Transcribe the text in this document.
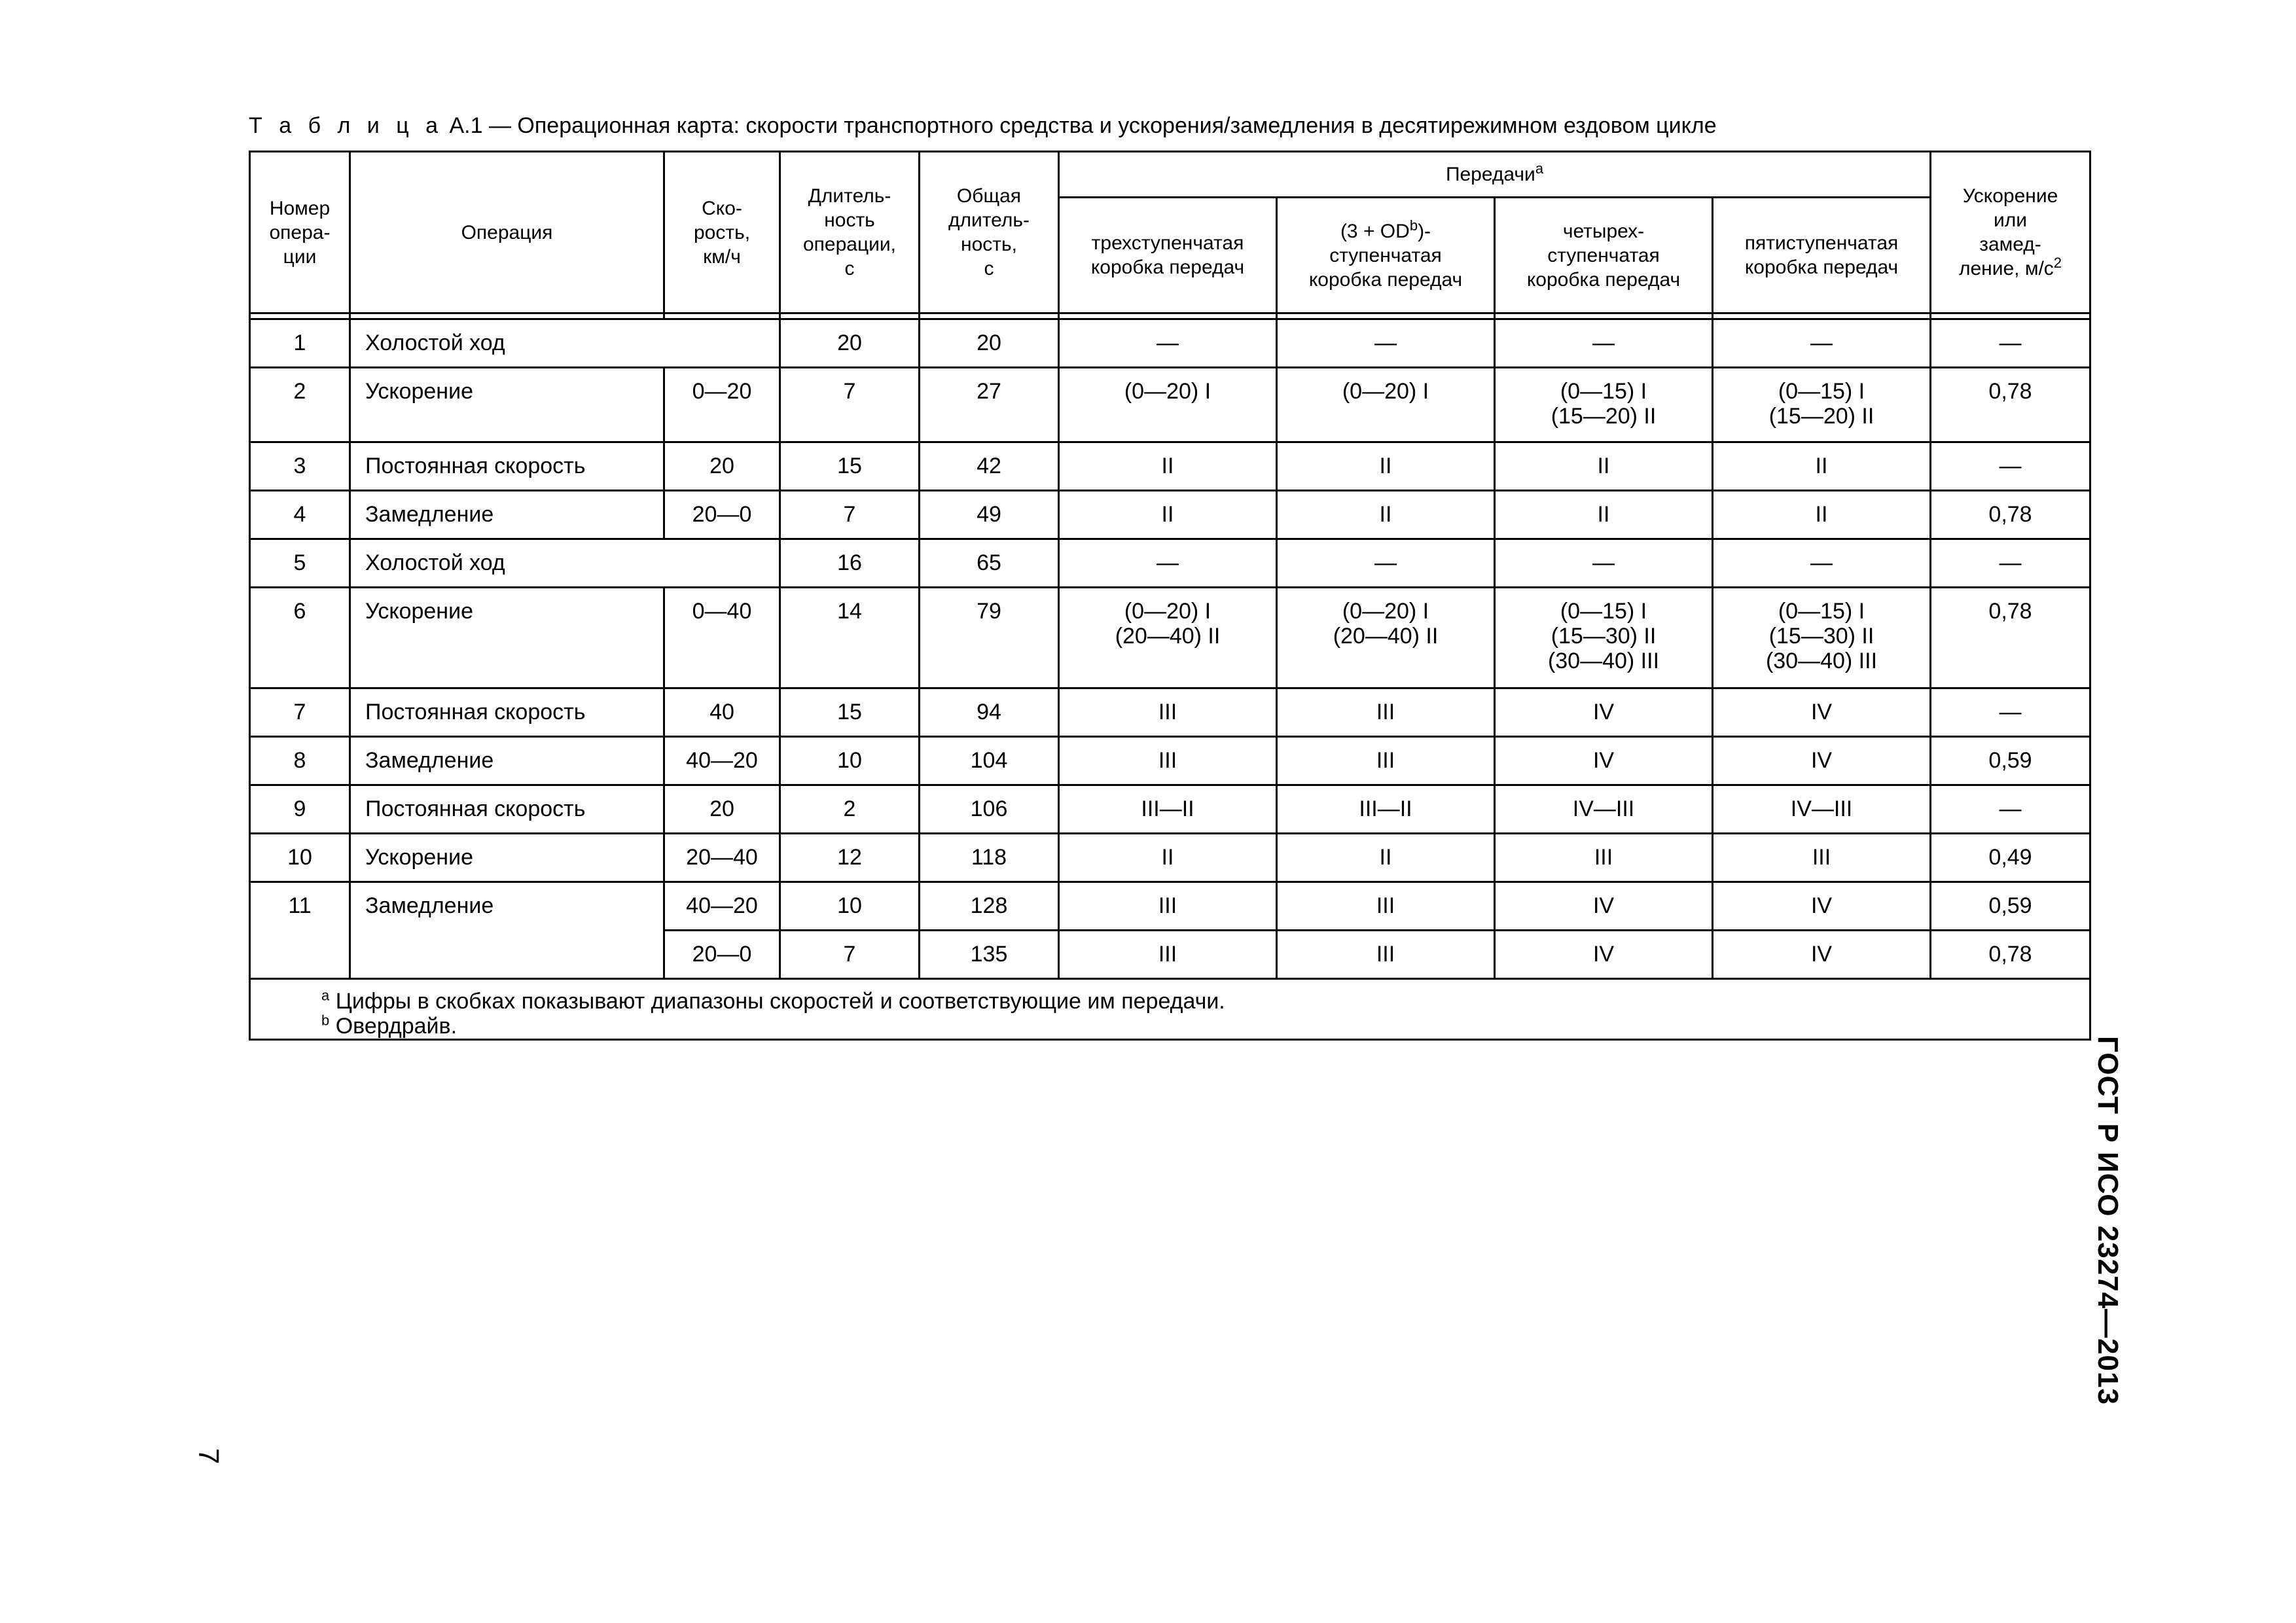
Т а б л и ц а А.1 — Операционная карта: скорости транспортного средства и ускорения/замедления в десятирежимном ездовом цикле
Номер
опера-
ции	Операция	Ско-
рость,
км/ч	Длитель-
ность
операции,
с	Общая
длитель-
ность,
с	Передачи$^a$				Ускорение
или
замед-
ление, $м/с^2$
					трехступенчатая
коробка передач	$(3 + OD^b)-$
ступенчатая
коробка передач	четырех-
ступенчатая
коробка передач	пятиступенчатая
коробка передач	

1	Холостой ход		20	20	—	—	—	—	—
2	Ускорение	0—20	7	27	(0—20) I	(0—20) I	(0—15) I
(15—20) II	(0—15) I
(15—20) II	0,78
3	Постоянная скорость	20	15	42	II	II	II	II	—
4	Замедление	20—0	7	49	II	II	II	II	0,78
5	Холостой ход		16	65	—	—	—	—	—
6	Ускорение	0—40	14	79	(0—20) I
(20—40) II	(0—20) I
(20—40) II	(0—15) I
(15—30) II
(30—40) III	(0—15) I
(15—30) II
(30—40) III	0,78
7	Постоянная скорость	40	15	94	III	III	IV	IV	—
8	Замедление	40—20	10	104	III	III	IV	IV	0,59
9	Постоянная скорость	20	2	106	III—II	III—II	IV—III	IV—III	—
10	Ускорение	20—40	12	118	II	II	III	III	0,49
11	Замедление	40—20	10	128	III	III	IV	IV	0,59
		20—0	7	135	III	III	IV	IV	0,78

$^a$ Цифры в скобках показывают диапазоны скоростей и соответствующие им передачи.
$^b$ Овердрайв.									
ГОСТ Р ИСО 23274—2013
7
